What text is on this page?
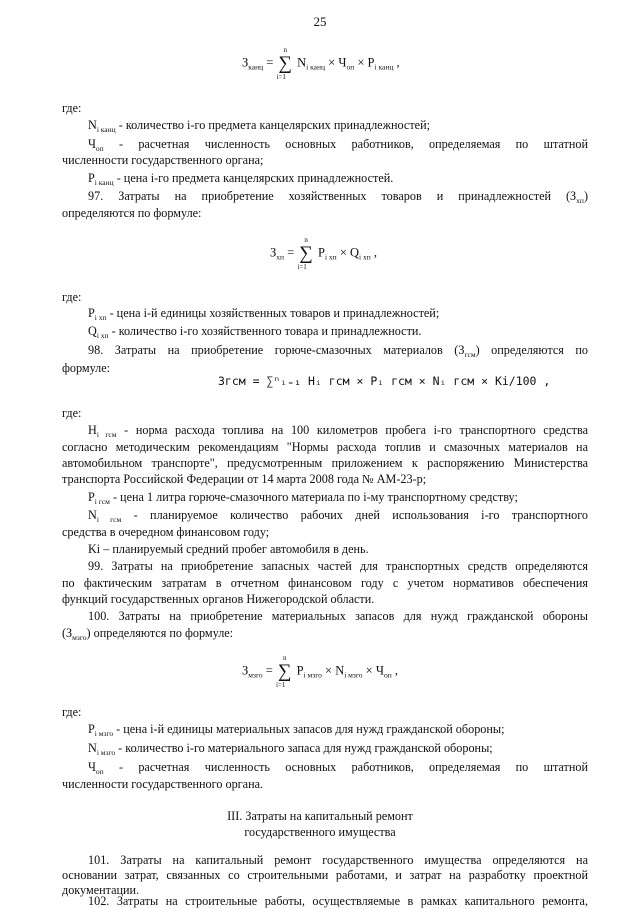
25
$З_{канц}$ = ∑
n
i=1
$N_{i канц} \times Ч_{оп} \times P_{i канц}$ ,
где:
$N_{i канц}$ - количество i-го предмета канцелярских принадлежностей;
$Ч_{оп}$ - расчетная численность основных работников, определяемая по штатной
численности государственного органа;
$P_{i канц}$ - цена i-го предмета канцелярских принадлежностей.
97. Затраты на приобретение хозяйственных товаров и принадлежностей $(З_{хп})$
определяются по формуле:
$З_{хп}$ = ∑
n
i=1
$P_{i хп} \times Q_{i хп}$ ,
где:
$P_{i хп}$ - цена i-й единицы хозяйственных товаров и принадлежностей;
$Q_{i хп}$ - количество i-го хозяйственного товара и принадлежности.
98. Затраты на приобретение горюче-смазочных материалов $(З_{гсм})$ определяются по
формуле:
Згсм = ∑ⁿᵢ₌₁ Hᵢ гсм × Pᵢ гсм × Nᵢ гсм × Ki/100 ,
где:
$H_{i гсм}$ - норма расхода топлива на 100 километров пробега i-го транспортного средства
согласно методическим рекомендациям "Нормы расхода топлив и смазочных материалов на
автомобильном транспорте", предусмотренным приложением к распоряжению Министерства
транспорта Российской Федерации от 14 марта 2008 года № АМ-23-р;
$P_{i гсм}$ - цена 1 литра горюче-смазочного материала по i-му транспортному средству;
$N_{i гсм}$ - планируемое количество рабочих дней использования i-го транспортного
средства в очередном финансовом году;
Ki – планируемый средний пробег автомобиля в день.
99. Затраты на приобретение запасных частей для транспортных средств определяются
по фактическим затратам в отчетном финансовом году с учетом нормативов обеспечения
функций государственных органов Нижегородской области.
100. Затраты на приобретение материальных запасов для нужд гражданской обороны
$(З_{мзго})$ определяются по формуле:
$З_{мзго}$ = ∑
n
i=1
$P_{i мзго} \times N_{i мзго} \times Ч_{оп}$ ,
где:
$P_{i мзго}$ - цена i-й единицы материальных запасов для нужд гражданской обороны;
$N_{i мзго}$ - количество i-го материального запаса для нужд гражданской обороны;
$Ч_{оп}$ - расчетная численность основных работников, определяемая по штатной
численности государственного органа.
III. Затраты на капитальный ремонт
государственного имущества
101. Затраты на капитальный ремонт государственного имущества определяются на
основании затрат, связанных со строительными работами, и затрат на разработку проектной
документации.
102. Затраты на строительные работы, осуществляемые в рамках капитального ремонта,
